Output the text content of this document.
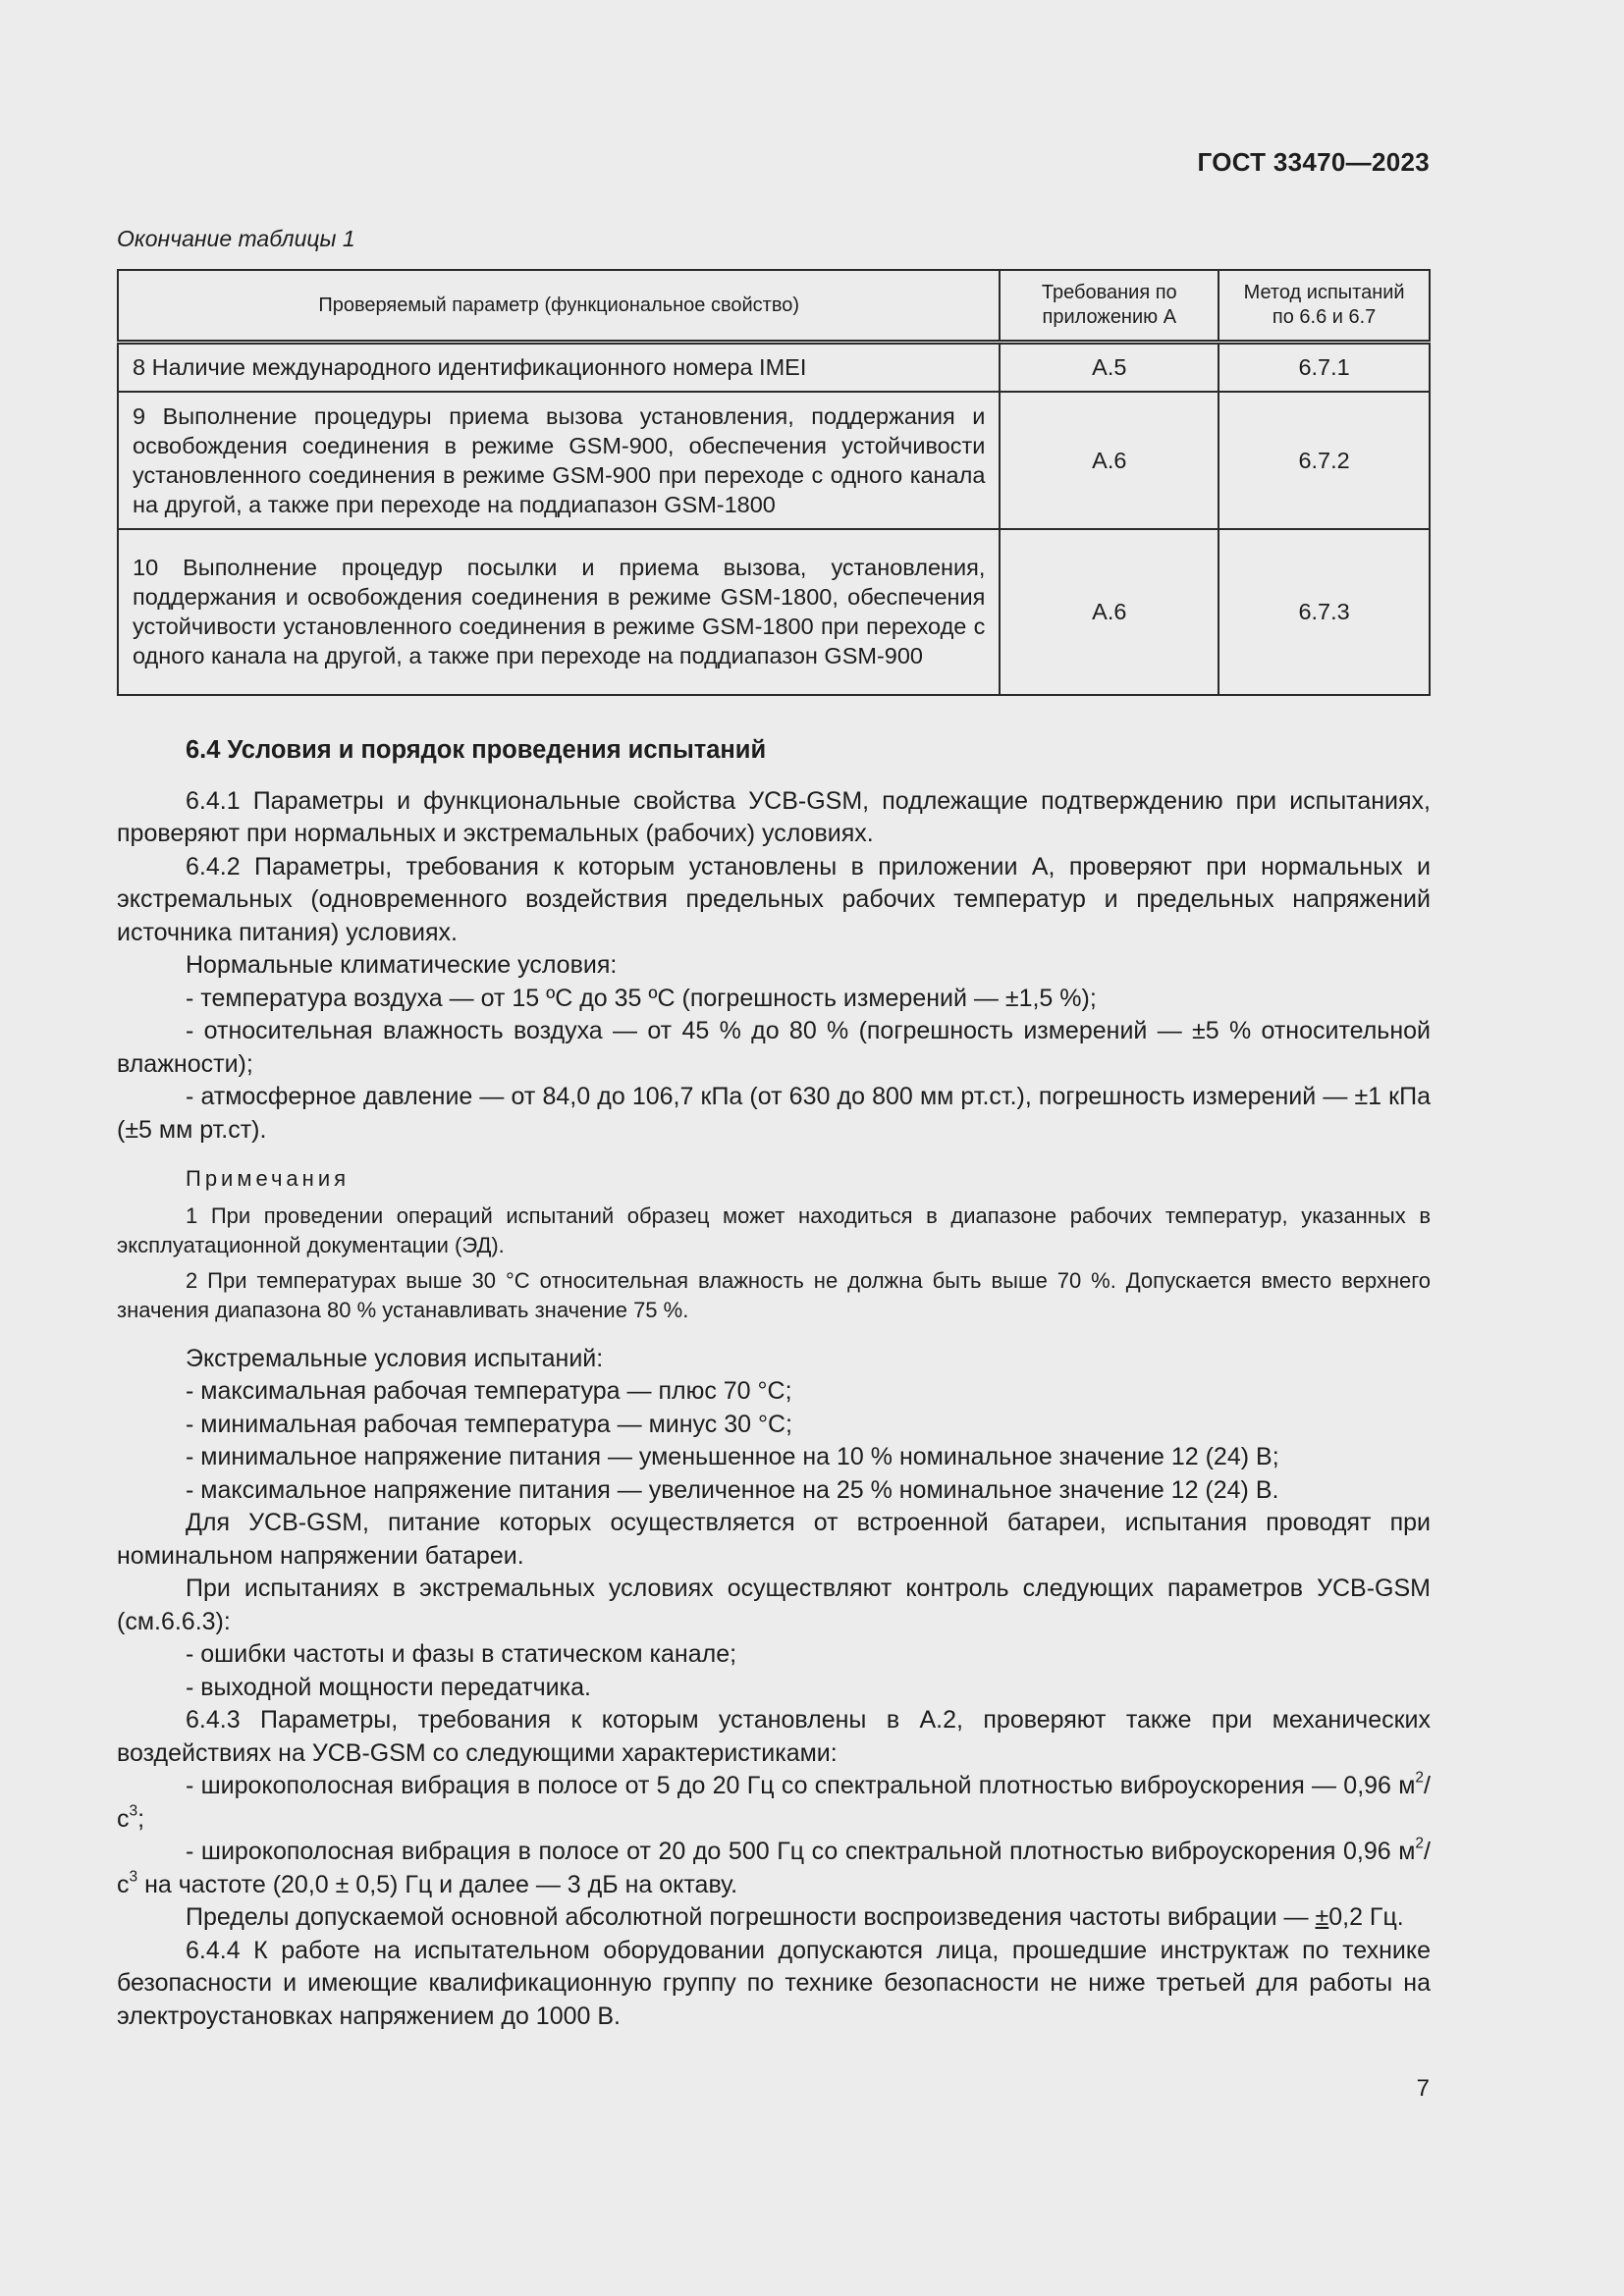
ГОСТ 33470—2023
Окончание таблицы 1
Проверяемый параметр (функциональное свойство)	Требования по приложению А	Метод испытаний по 6.6 и 6.7
8 Наличие международного идентификационного номера IMEI	А.5	6.7.1
9 Выполнение процедуры приема вызова установления, поддержания и освобождения соединения в режиме GSM-900, обеспечения устойчивости установленного соединения в режиме GSM-900 при переходе с одного канала на другой, а также при переходе на поддиапазон GSM-1800	А.6	6.7.2
10 Выполнение процедур посылки и приема вызова, установления, поддержания и освобождения соединения в режиме GSM-1800, обеспечения устойчивости установленного соединения в режиме GSM-1800 при переходе с одного канала на другой, а также при переходе на поддиапазон GSM-900	А.6	6.7.3

6.4 Условия и порядок проведения испытаний

6.4.1 Параметры и функциональные свойства УСВ-GSM, подлежащие подтверждению при испытаниях, проверяют при нормальных и экстремальных (рабочих) условиях.

6.4.2 Параметры, требования к которым установлены в приложении А, проверяют при нормальных и экстремальных (одновременного воздействия предельных рабочих температур и предельных напряжений источника питания) условиях.

Нормальные климатические условия:

- температура воздуха — от 15 ºС до 35 ºС (погрешность измерений — ±1,5 %);

- относительная влажность воздуха — от 45 % до 80 % (погрешность измерений — ±5 % относительной влажности);

- атмосферное давление — от 84,0 до 106,7 кПа (от 630 до 800 мм рт.ст.), погрешность измерений — ±1 кПа (±5 мм рт.ст).

Примечания

1 При проведении операций испытаний образец может находиться в диапазоне рабочих температур, указанных в эксплуатационной документации (ЭД).

2 При температурах выше 30 °С относительная влажность не должна быть выше 70 %. Допускается вместо верхнего значения диапазона 80 % устанавливать значение 75 %.

Экстремальные условия испытаний:

- максимальная рабочая температура — плюс 70 °С;

- минимальная рабочая температура — минус 30 °С;

- минимальное напряжение питания — уменьшенное на 10 % номинальное значение 12 (24) В;

- максимальное напряжение питания — увеличенное на 25 % номинальное значение 12 (24) В.

Для УСВ-GSM, питание которых осуществляется от встроенной батареи, испытания проводят при номинальном напряжении батареи.

При испытаниях в экстремальных условиях осуществляют контроль следующих параметров УСВ-GSM (см.6.6.3):

- ошибки частоты и фазы в статическом канале;

- выходной мощности передатчика.

6.4.3 Параметры, требования к которым установлены в А.2, проверяют также при механических воздействиях на УСВ-GSM со следующими характеристиками:

- широкополосная вибрация в полосе от 5 до 20 Гц со спектральной плотностью виброускорения — 0,96 $м^2/с^3$;

- широкополосная вибрация в полосе от 20 до 500 Гц со спектральной плотностью виброускорения 0,96 $м^2/с^3$ на частоте (20,0 ± 0,5) Гц и далее — 3 дБ на октаву.

Пределы допускаемой основной абсолютной погрешности воспроизведения частоты вибрации — ±0,2 Гц.

6.4.4 К работе на испытательном оборудовании допускаются лица, прошедшие инструктаж по технике безопасности и имеющие квалификационную группу по технике безопасности не ниже третьей для работы на электроустановках напряжением до 1000 В.

7
